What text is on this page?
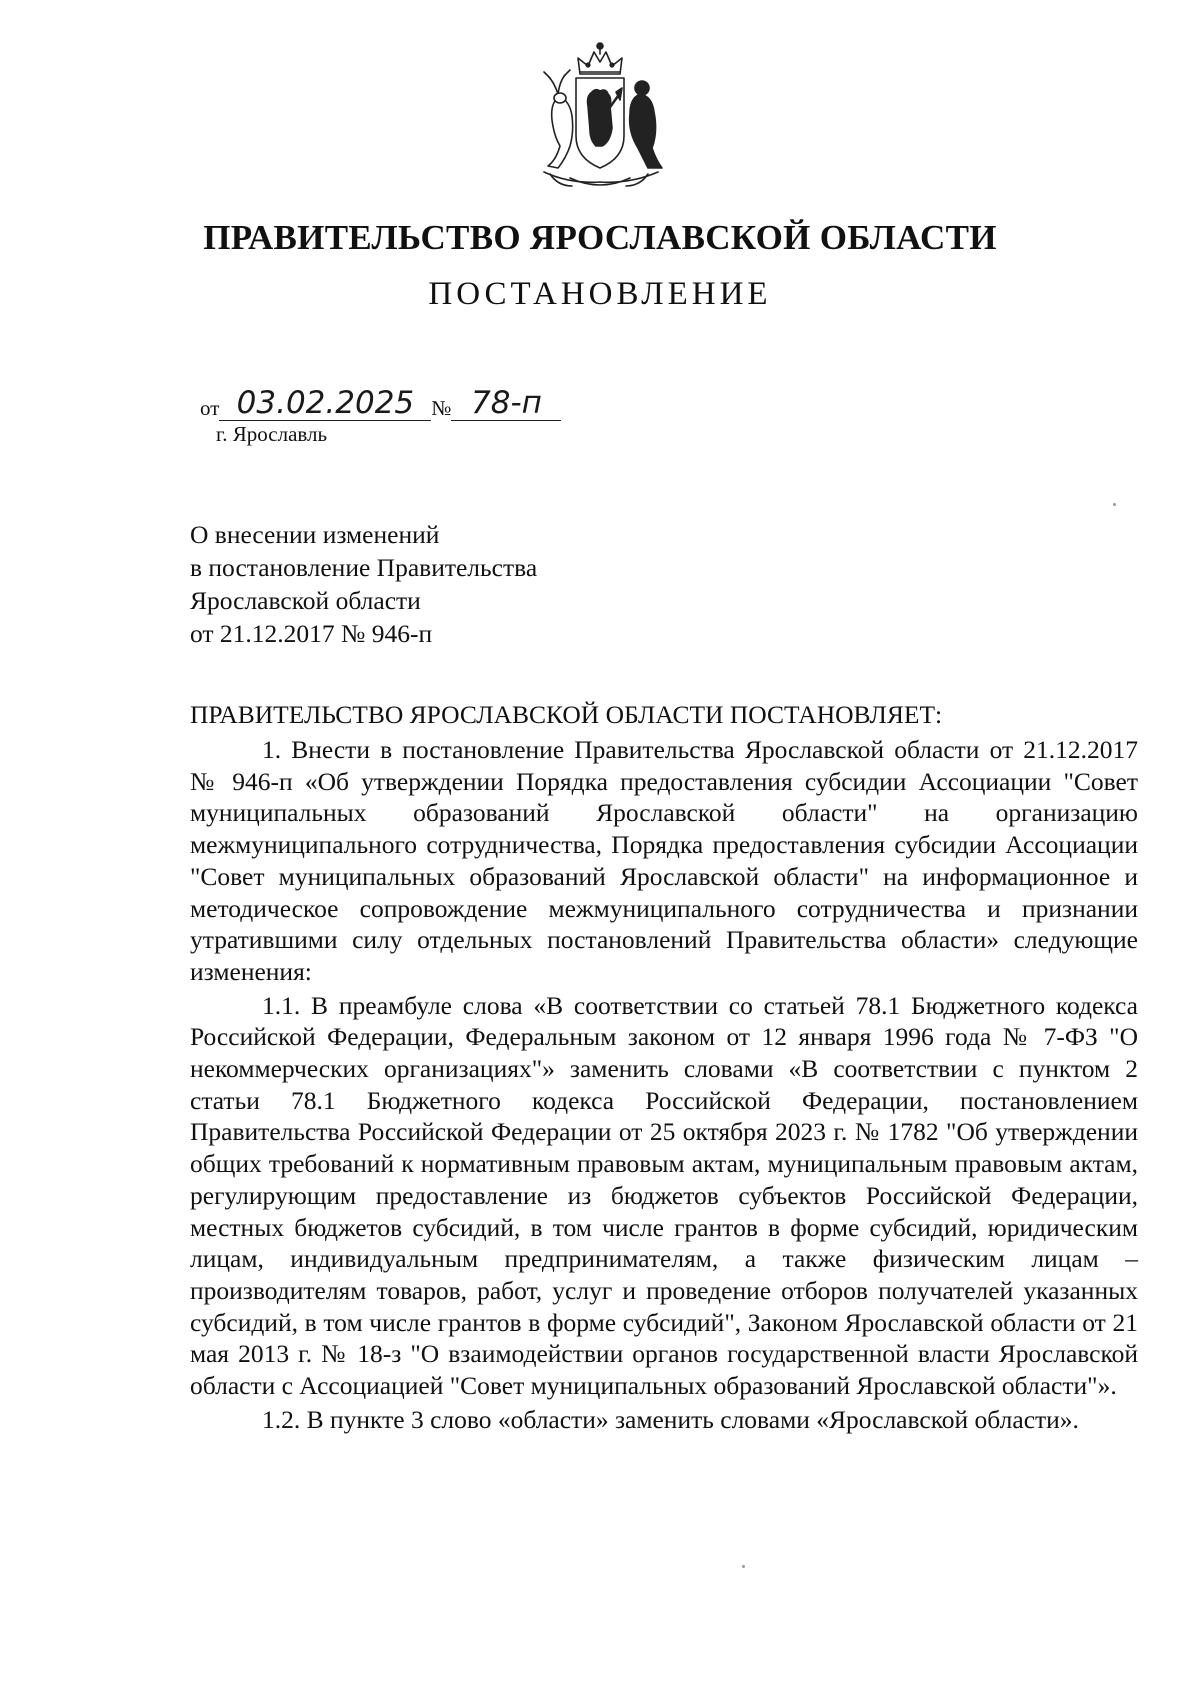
ПРАВИТЕЛЬСТВО ЯРОСЛАВСКОЙ ОБЛАСТИ
ПОСТАНОВЛЕНИЕ
от 03.02.2025 № 78-п
г. Ярославль
О внесении изменений
в постановление Правительства
Ярославской области
от 21.12.2017 № 946-п
ПРАВИТЕЛЬСТВО ЯРОСЛАВСКОЙ ОБЛАСТИ ПОСТАНОВЛЯЕТ:

1. Внести в постановление Правительства Ярославской области от 21.12.2017 № 946-п «Об утверждении Порядка предоставления субсидии Ассоциации "Совет муниципальных образований Ярославской области" на организацию межмуниципального сотрудничества, Порядка предоставления субсидии Ассоциации "Совет муниципальных образований Ярославской области" на информационное и методическое сопровождение межмуниципального сотрудничества и признании утратившими силу отдельных постановлений Правительства области» следующие изменения:

1.1. В преамбуле слова «В соответствии со статьей 78.1 Бюджетного кодекса Российской Федерации, Федеральным законом от 12 января 1996 года № 7-ФЗ "О некоммерческих организациях"» заменить словами «В соответствии с пунктом 2 статьи 78.1 Бюджетного кодекса Российской Федерации, постановлением Правительства Российской Федерации от 25 октября 2023 г. № 1782 "Об утверждении общих требований к нормативным правовым актам, муниципальным правовым актам, регулирующим предоставление из бюджетов субъектов Российской Федерации, местных бюджетов субсидий, в том числе грантов в форме субсидий, юридическим лицам, индивидуальным предпринимателям, а также физическим лицам – производителям товаров, работ, услуг и проведение отборов получателей указанных субсидий, в том числе грантов в форме субсидий", Законом Ярославской области от 21 мая 2013 г. № 18-з "О взаимодействии органов государственной власти Ярославской области с Ассоциацией "Совет муниципальных образований Ярославской области"».

1.2. В пункте 3 слово «области» заменить словами «Ярославской области».
